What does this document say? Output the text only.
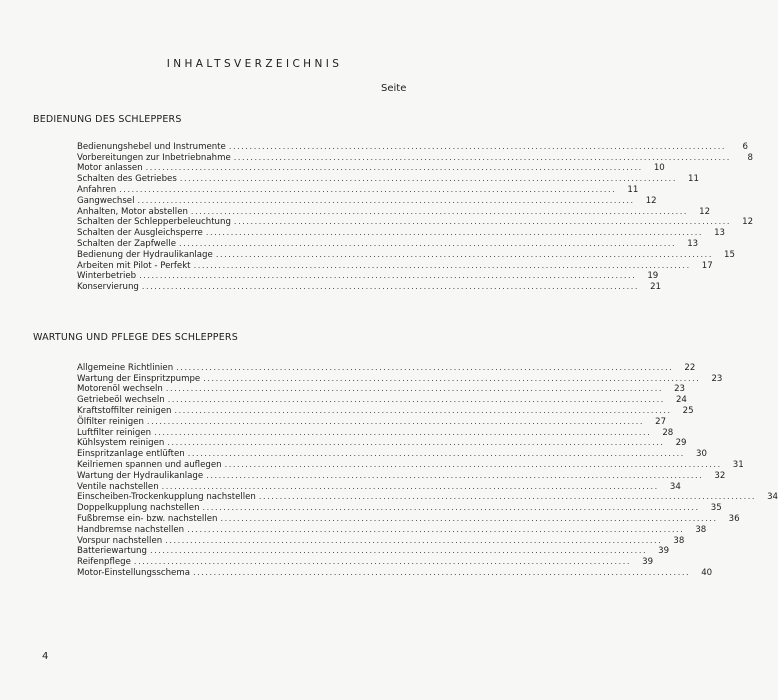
INHALTSVERZEICHNIS
Seite
BEDIENUNG DES SCHLEPPERS
Bedienungshebel und Instrumente ........................................................................................................................	6
Vorbereitungen zur Inbetriebnahme ........................................................................................................................	8
Motor anlassen ........................................................................................................................	10
Schalten des Getriebes ........................................................................................................................	11
Anfahren ........................................................................................................................	11
Gangwechsel ........................................................................................................................	12
Anhalten, Motor abstellen ........................................................................................................................	12
Schalten der Schlepperbeleuchtung ........................................................................................................................	12
Schalten der Ausgleichsperre ........................................................................................................................	13
Schalten der Zapfwelle ........................................................................................................................	13
Bedienung der Hydraulikanlage ........................................................................................................................	15
Arbeiten mit Pilot - Perfekt ........................................................................................................................	17
Winterbetrieb ........................................................................................................................	19
Konservierung ........................................................................................................................	21
WARTUNG UND PFLEGE DES SCHLEPPERS
Allgemeine Richtlinien ........................................................................................................................	22
Wartung der Einspritzpumpe ........................................................................................................................	23
Motorenöl wechseln ........................................................................................................................	23
Getriebeöl wechseln ........................................................................................................................	24
Kraftstoffilter reinigen ........................................................................................................................	25
Ölfilter reinigen ........................................................................................................................	27
Luftfilter reinigen ........................................................................................................................	28
Kühlsystem reinigen ........................................................................................................................	29
Einspritzanlage entlüften ........................................................................................................................	30
Keilriemen spannen und auflegen ........................................................................................................................	31
Wartung der Hydraulikanlage ........................................................................................................................	32
Ventile nachstellen ........................................................................................................................	34
Einscheiben-Trockenkupplung nachstellen ........................................................................................................................	34
Doppelkupplung nachstellen ........................................................................................................................	35
Fußbremse ein- bzw. nachstellen ........................................................................................................................	36
Handbremse nachstellen ........................................................................................................................	38
Vorspur nachstellen ........................................................................................................................	38
Batteriewartung ........................................................................................................................	39
Reifenpflege ........................................................................................................................	39
Motor-Einstellungsschema ........................................................................................................................	40
4
